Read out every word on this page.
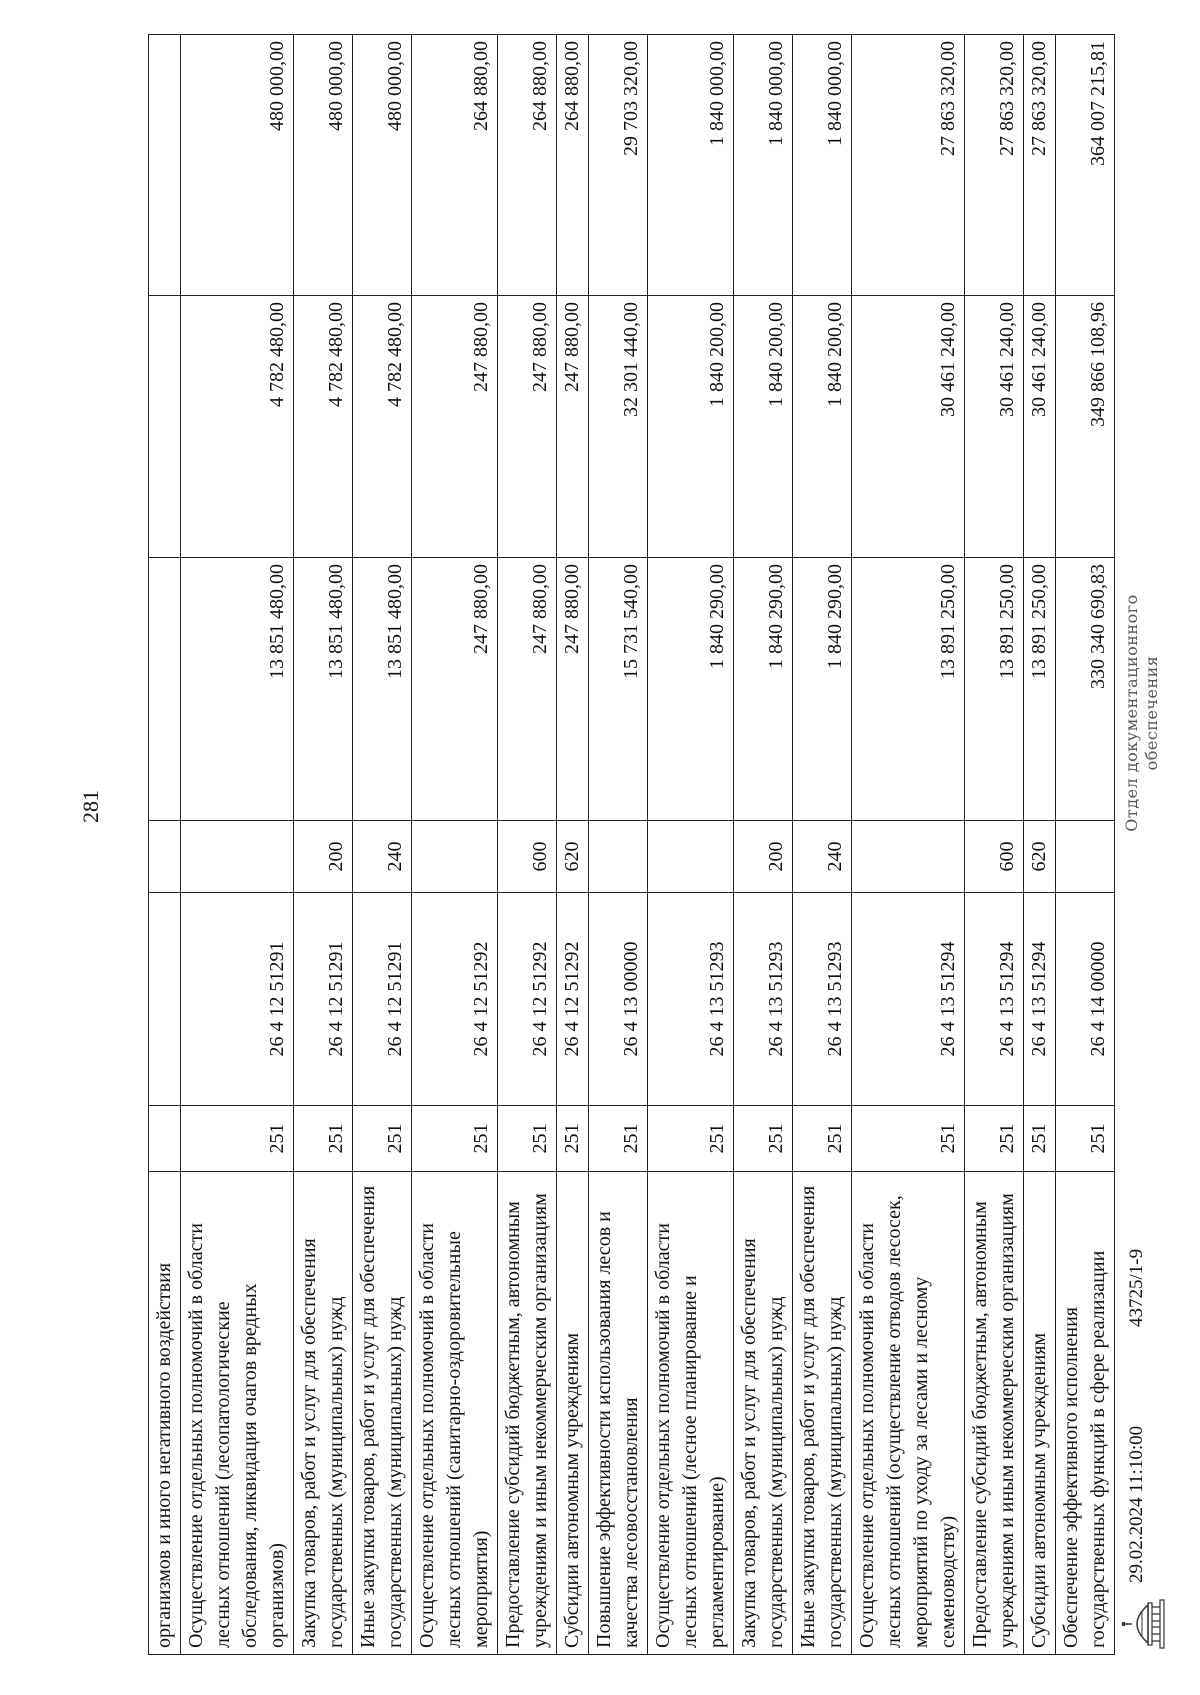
281
организмов и иного негативного воздействия						
Осуществление отдельных полномочий в области лесных отношений (лесопатологические обследования, ликвидация очагов вредных организмов)	251	26 4 12 51291		13 851 480,00	4 782 480,00	480 000,00
Закупка товаров, работ и услуг для обеспечения государственных (муниципальных) нужд	251	26 4 12 51291	200	13 851 480,00	4 782 480,00	480 000,00
Иные закупки товаров, работ и услуг для обеспечения государственных (муниципальных) нужд	251	26 4 12 51291	240	13 851 480,00	4 782 480,00	480 000,00
Осуществление отдельных полномочий в области лесных отношений (санитарно-оздоровительные мероприятия)	251	26 4 12 51292		247 880,00	247 880,00	264 880,00
Предоставление субсидий бюджетным, автономным учреждениям и иным некоммерческим организациям	251	26 4 12 51292	600	247 880,00	247 880,00	264 880,00
Субсидии автономным учреждениям	251	26 4 12 51292	620	247 880,00	247 880,00	264 880,00
Повышение эффективности использования лесов и качества лесовосстановления	251	26 4 13 00000		15 731 540,00	32 301 440,00	29 703 320,00
Осуществление отдельных полномочий в области лесных отношений (лесное планирование и регламентирование)	251	26 4 13 51293		1 840 290,00	1 840 200,00	1 840 000,00
Закупка товаров, работ и услуг для обеспечения государственных (муниципальных) нужд	251	26 4 13 51293	200	1 840 290,00	1 840 200,00	1 840 000,00
Иные закупки товаров, работ и услуг для обеспечения государственных (муниципальных) нужд	251	26 4 13 51293	240	1 840 290,00	1 840 200,00	1 840 000,00
Осуществление отдельных полномочий в области лесных отношений (осуществление отводов лесосек, мероприятий по уходу за лесами и лесному семеноводству)	251	26 4 13 51294		13 891 250,00	30 461 240,00	27 863 320,00
Предоставление субсидий бюджетным, автономным учреждениям и иным некоммерческим организациям	251	26 4 13 51294	600	13 891 250,00	30 461 240,00	27 863 320,00
Субсидии автономным учреждениям	251	26 4 13 51294	620	13 891 250,00	30 461 240,00	27 863 320,00
Обеспечение эффективного исполнения государственных функций в сфере реализации	251	26 4 14 00000		330 340 690,83	349 866 108,96	364 007 215,81
29.02.2024 11:10:00
43725/1-9
Отдел документационного обеспечения
